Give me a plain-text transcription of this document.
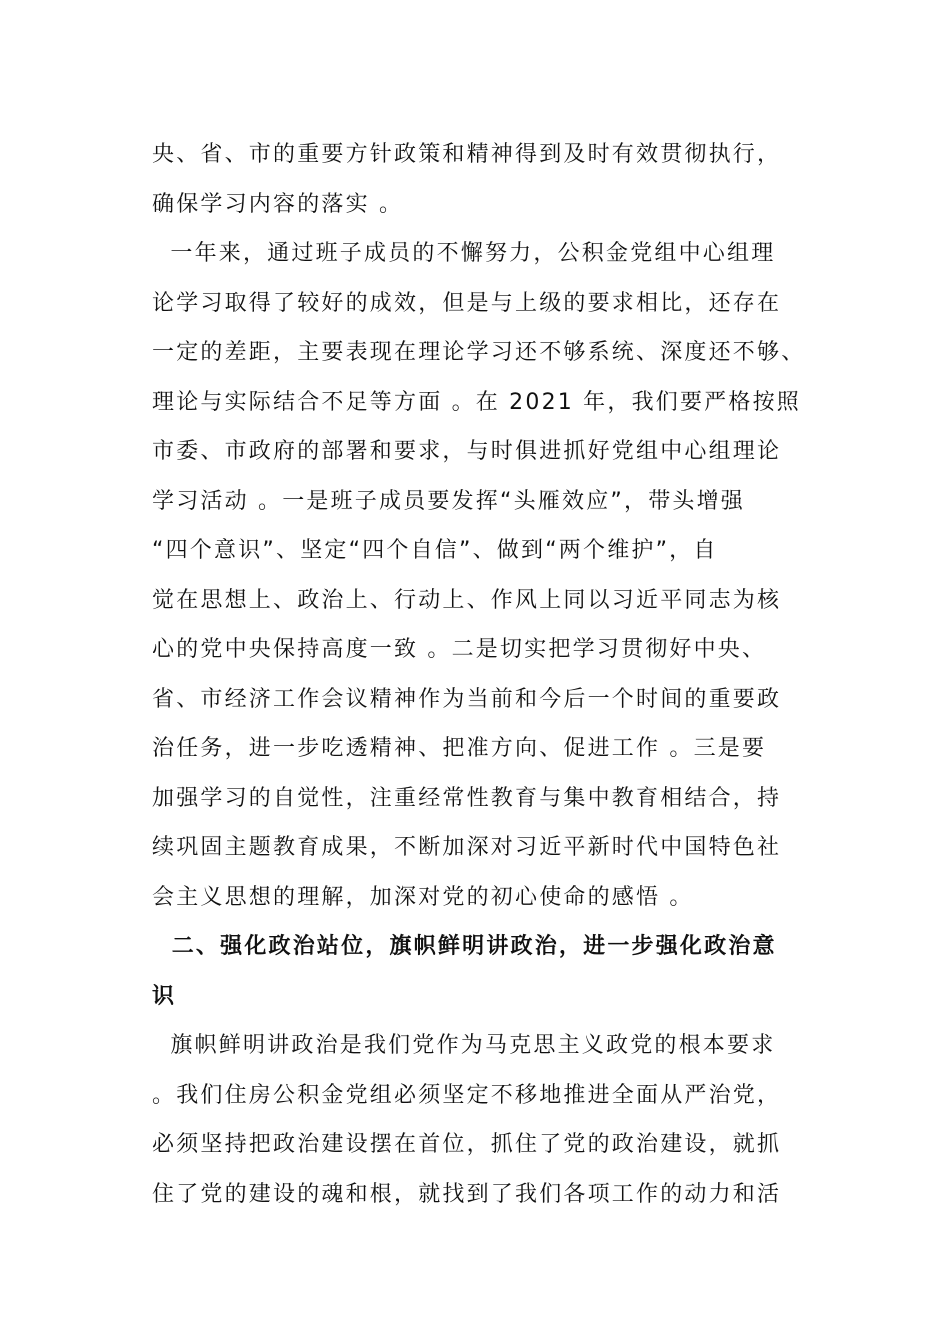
央、省、市的重要方针政策和精神得到及时有效贯彻执行，
确保学习内容的落实 。
一年来，通过班子成员的不懈努力，公积金党组中心组理
论学习取得了较好的成效，但是与上级的要求相比，还存在
一定的差距，主要表现在理论学习还不够系统、深度还不够、
理论与实际结合不足等方面 。在 2021 年，我们要严格按照
市委、市政府的部署和要求，与时俱进抓好党组中心组理论
学习活动 。一是班子成员要发挥“头雁效应”，带头增强
“四个意识”、坚定“四个自信”、做到“两个维护”，自
觉在思想上、政治上、行动上、作风上同以习近平同志为核
心的党中央保持高度一致 。二是切实把学习贯彻好中央、
省、市经济工作会议精神作为当前和今后一个时间的重要政
治任务，进一步吃透精神、把准方向、促进工作 。三是要
加强学习的自觉性，注重经常性教育与集中教育相结合，持
续巩固主题教育成果，不断加深对习近平新时代中国特色社
会主义思想的理解，加深对党的初心使命的感悟 。
二、强化政治站位，旗帜鲜明讲政治，进一步强化政治意
识
旗帜鲜明讲政治是我们党作为马克思主义政党的根本要求
。我们住房公积金党组必须坚定不移地推进全面从严治党，
必须坚持把政治建设摆在首位，抓住了党的政治建设，就抓
住了党的建设的魂和根，就找到了我们各项工作的动力和活
